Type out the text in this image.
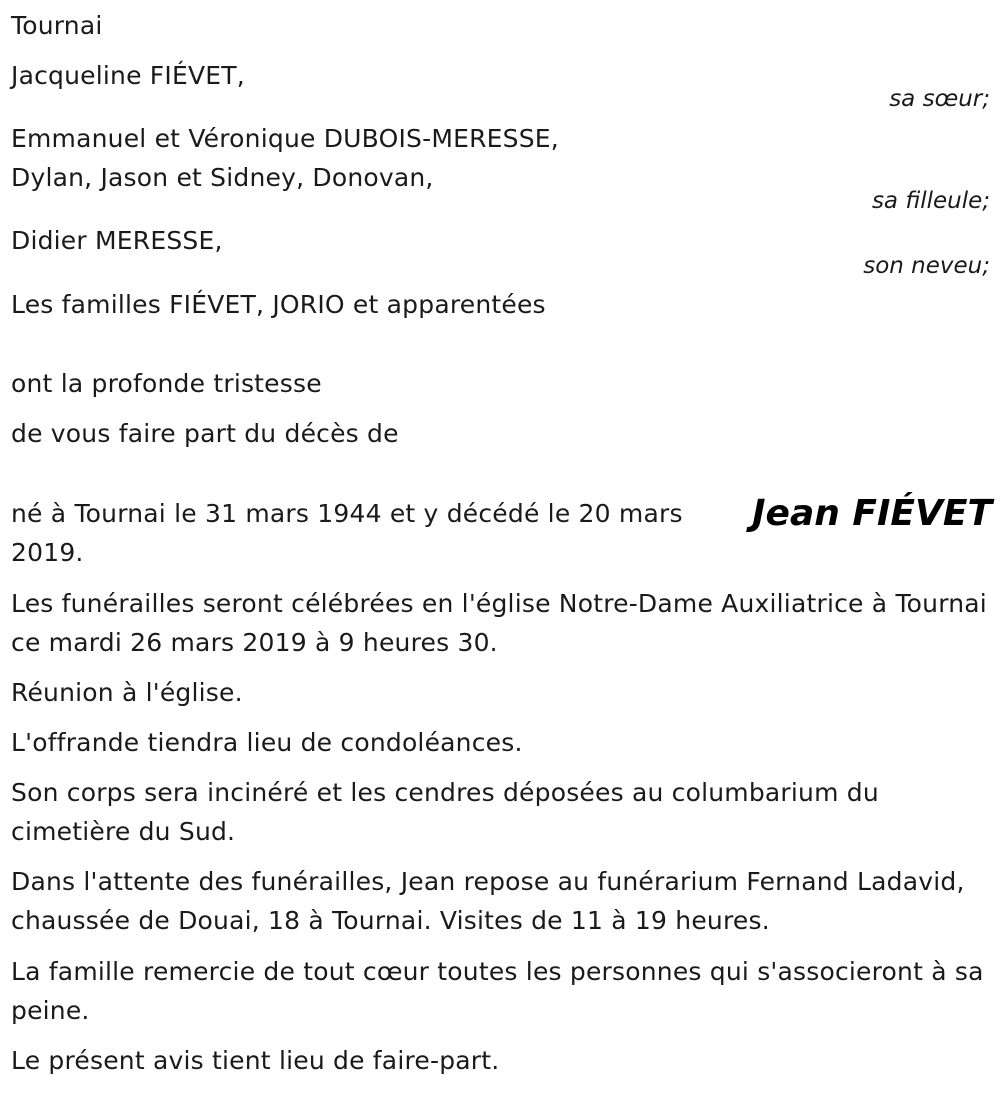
Tournai
Jacqueline FIÉVET,
sa sœur;
Emmanuel et Véronique DUBOIS-MERESSE,
Dylan, Jason et Sidney, Donovan,
sa filleule;
Didier MERESSE,
son neveu;
Les familles FIÉVET, JORIO et apparentées
ont la profonde tristesse
de vous faire part du décès de
Jean FIÉVET
né à Tournai le 31 mars 1944 et y décédé le 20 mars 2019.
Les funérailles seront célébrées en l'église Notre-Dame Auxiliatrice à Tournai ce mardi 26 mars 2019 à 9 heures 30.
Réunion à l'église.
L'offrande tiendra lieu de condoléances.
Son corps sera incinéré et les cendres déposées au columbarium du cimetière du Sud.
Dans l'attente des funérailles, Jean repose au funérarium Fernand Ladavid, chaussée de Douai, 18 à Tournai. Visites de 11 à 19 heures.
La famille remercie de tout cœur toutes les personnes qui s'associeront à sa peine.
Le présent avis tient lieu de faire-part.
